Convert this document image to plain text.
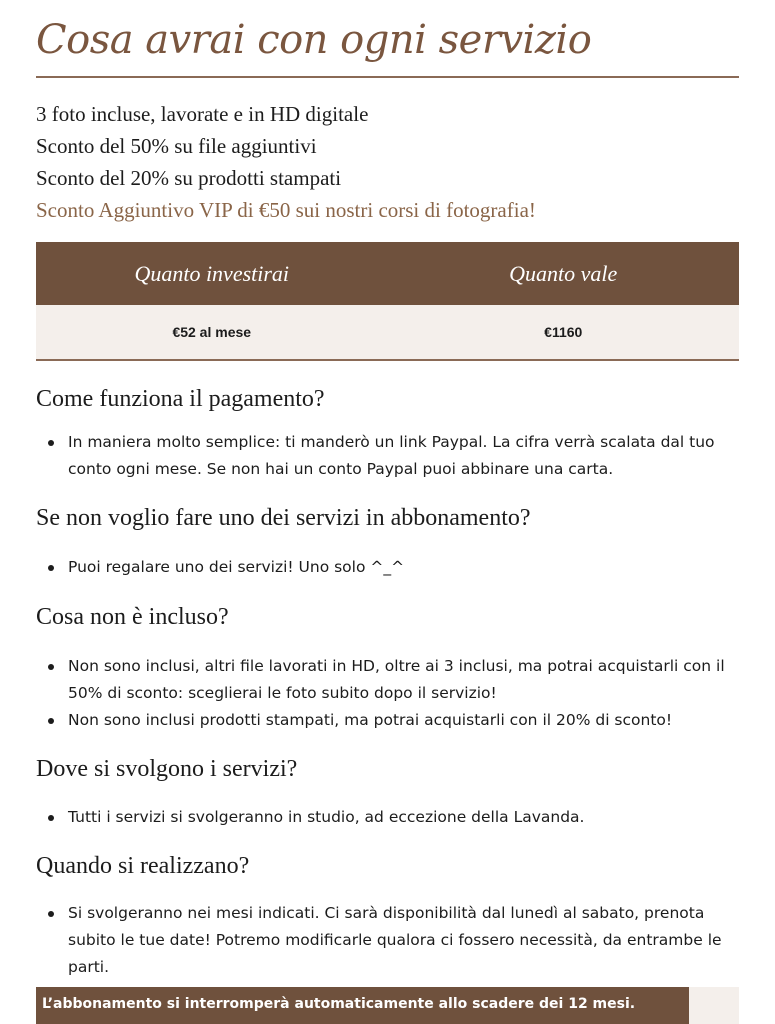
Cosa avrai con ogni servizio
3 foto incluse, lavorate e in HD digitale
Sconto del 50% su file aggiuntivi
Sconto del 20% su prodotti stampati
Sconto Aggiuntivo VIP di €50 sui nostri corsi di fotografia!
Quanto investirai	Quanto vale
€52 al mese	€1160
Come funziona il pagamento?
In maniera molto semplice: ti manderò un link Paypal. La cifra verrà scalata dal tuo conto ogni mese. Se non hai un conto Paypal puoi abbinare una carta.
Se non voglio fare uno dei servizi in abbonamento?
Puoi regalare uno dei servizi! Uno solo ^_^
Cosa non è incluso?
Non sono inclusi, altri file lavorati in HD, oltre ai 3 inclusi, ma potrai acquistarli con il 50% di sconto: sceglierai le foto subito dopo il servizio!
Non sono inclusi prodotti stampati, ma potrai acquistarli con il 20% di sconto!
Dove si svolgono i servizi?
Tutti i servizi si svolgeranno in studio, ad eccezione della Lavanda.
Quando si realizzano?
Si svolgeranno nei mesi indicati. Ci sarà disponibilità dal lunedì al sabato, prenota subito le tue date! Potremo modificarle qualora ci fossero necessità, da entrambe le parti.
L’abbonamento si interromperà automaticamente allo scadere dei 12 mesi.
